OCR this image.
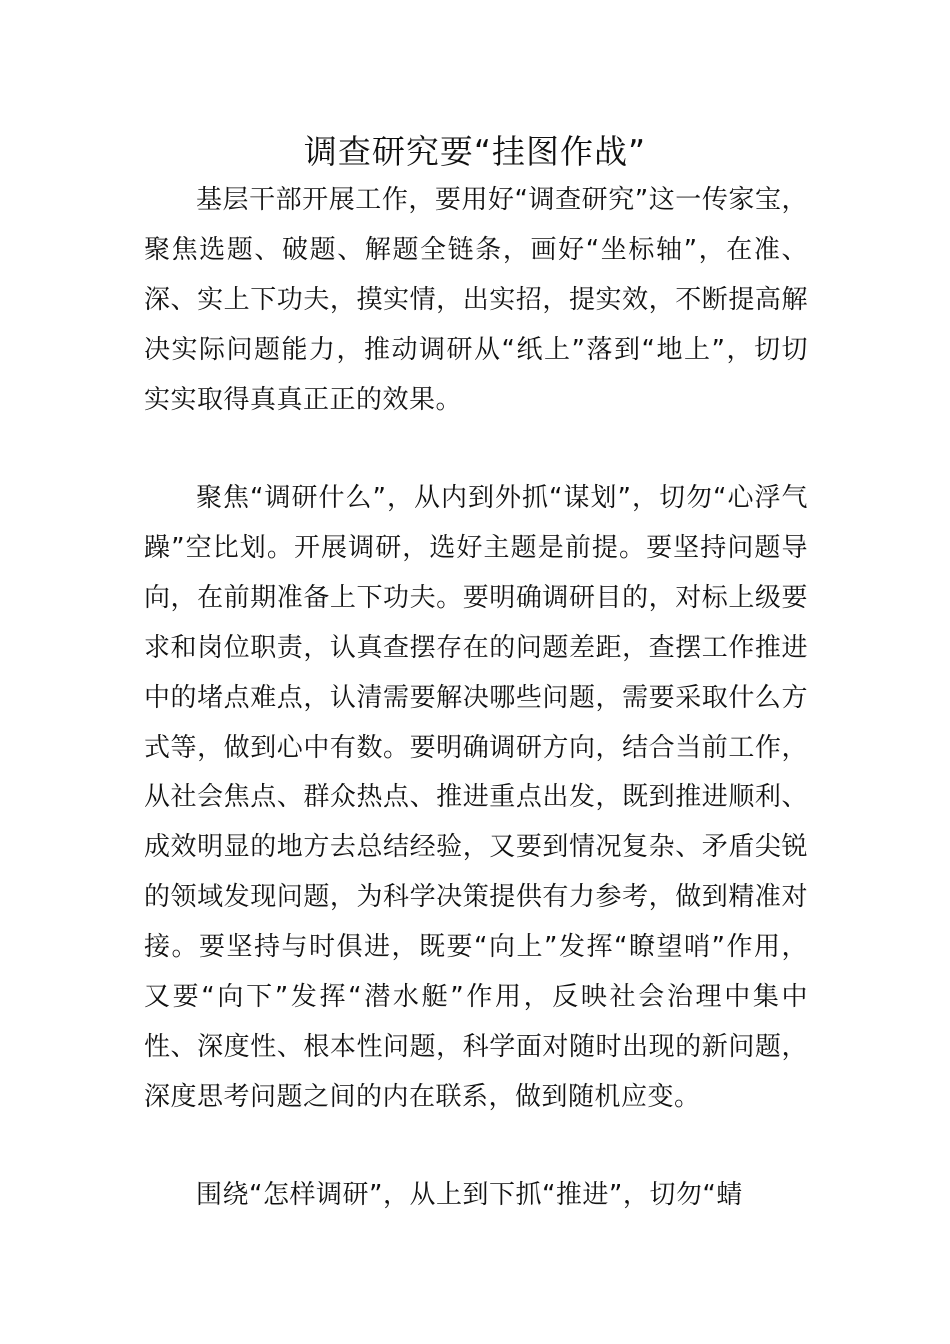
调查研究要“挂图作战”

基层干部开展工作，要用好“调查研究”这一传家宝，聚焦选题、破题、解题全链条，画好“坐标轴”，在准、深、实上下功夫，摸实情，出实招，提实效，不断提高解决实际问题能力，推动调研从“纸上”落到“地上”，切切实实取得真真正正的效果。

聚焦“调研什么”，从内到外抓“谋划”，切勿“心浮气躁”空比划。开展调研，选好主题是前提。要坚持问题导向，在前期准备上下功夫。要明确调研目的，对标上级要求和岗位职责，认真查摆存在的问题差距，查摆工作推进中的堵点难点，认清需要解决哪些问题，需要采取什么方式等，做到心中有数。要明确调研方向，结合当前工作，从社会焦点、群众热点、推进重点出发，既到推进顺利、成效明显的地方去总结经验，又要到情况复杂、矛盾尖锐的领域发现问题，为科学决策提供有力参考，做到精准对接。要坚持与时俱进，既要“向上”发挥“瞭望哨”作用，又要“向下”发挥“潜水艇”作用，反映社会治理中集中性、深度性、根本性问题，科学面对随时出现的新问题，深度思考问题之间的内在联系，做到随机应变。

围绕“怎样调研”，从上到下抓“推进”，切勿“蜻
